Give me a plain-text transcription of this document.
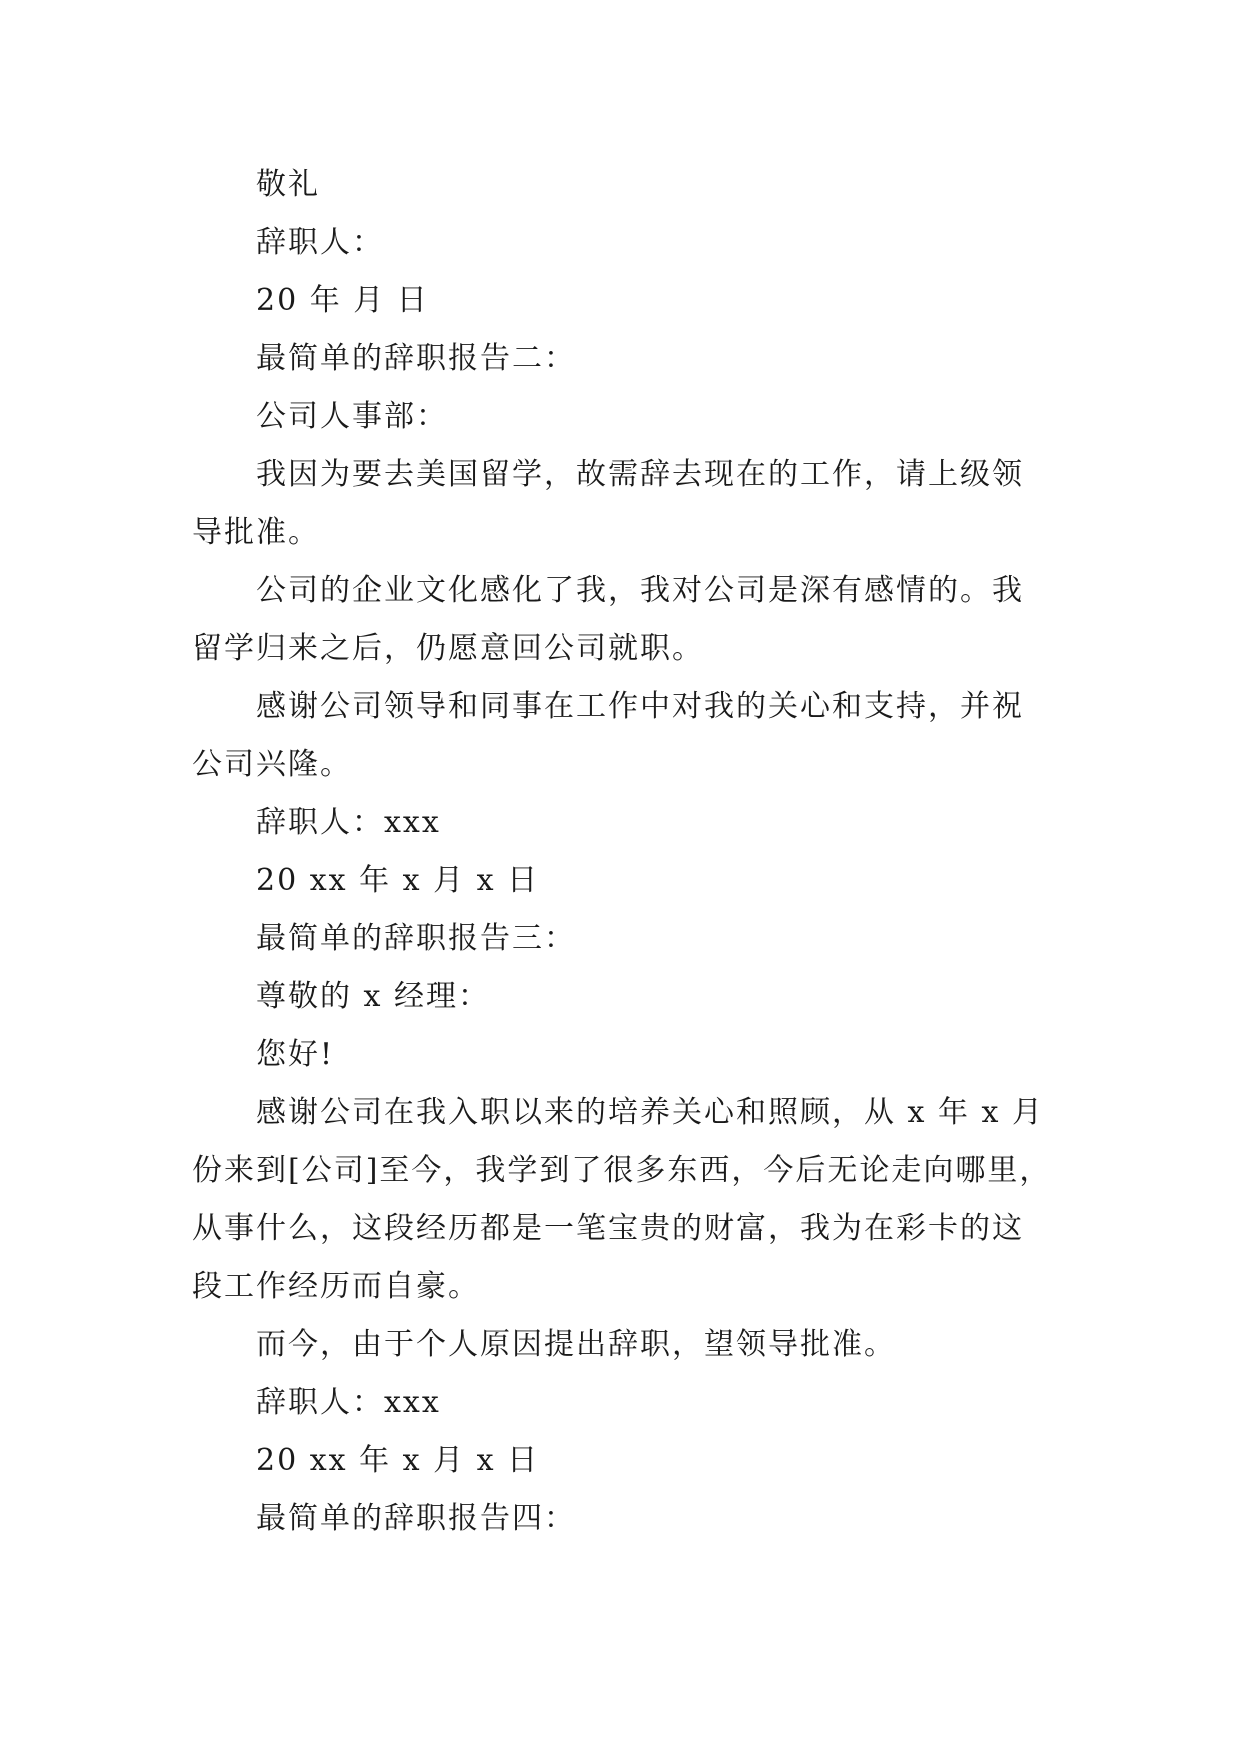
敬礼

辞职人：

20 年 月 日

最简单的辞职报告二：

公司人事部：

我因为要去美国留学，故需辞去现在的工作，请上级领导批准。

公司的企业文化感化了我，我对公司是深有感情的。我留学归来之后，仍愿意回公司就职。

感谢公司领导和同事在工作中对我的关心和支持，并祝公司兴隆。

辞职人：xxx

20 xx 年 x 月 x 日

最简单的辞职报告三：

尊敬的 x 经理：

您好!

感谢公司在我入职以来的培养关心和照顾，从 x 年 x 月份来到[公司]至今，我学到了很多东西，今后无论走向哪里，从事什么，这段经历都是一笔宝贵的财富，我为在彩卡的这段工作经历而自豪。

而今，由于个人原因提出辞职，望领导批准。

辞职人：xxx

20 xx 年 x 月 x 日

最简单的辞职报告四：
